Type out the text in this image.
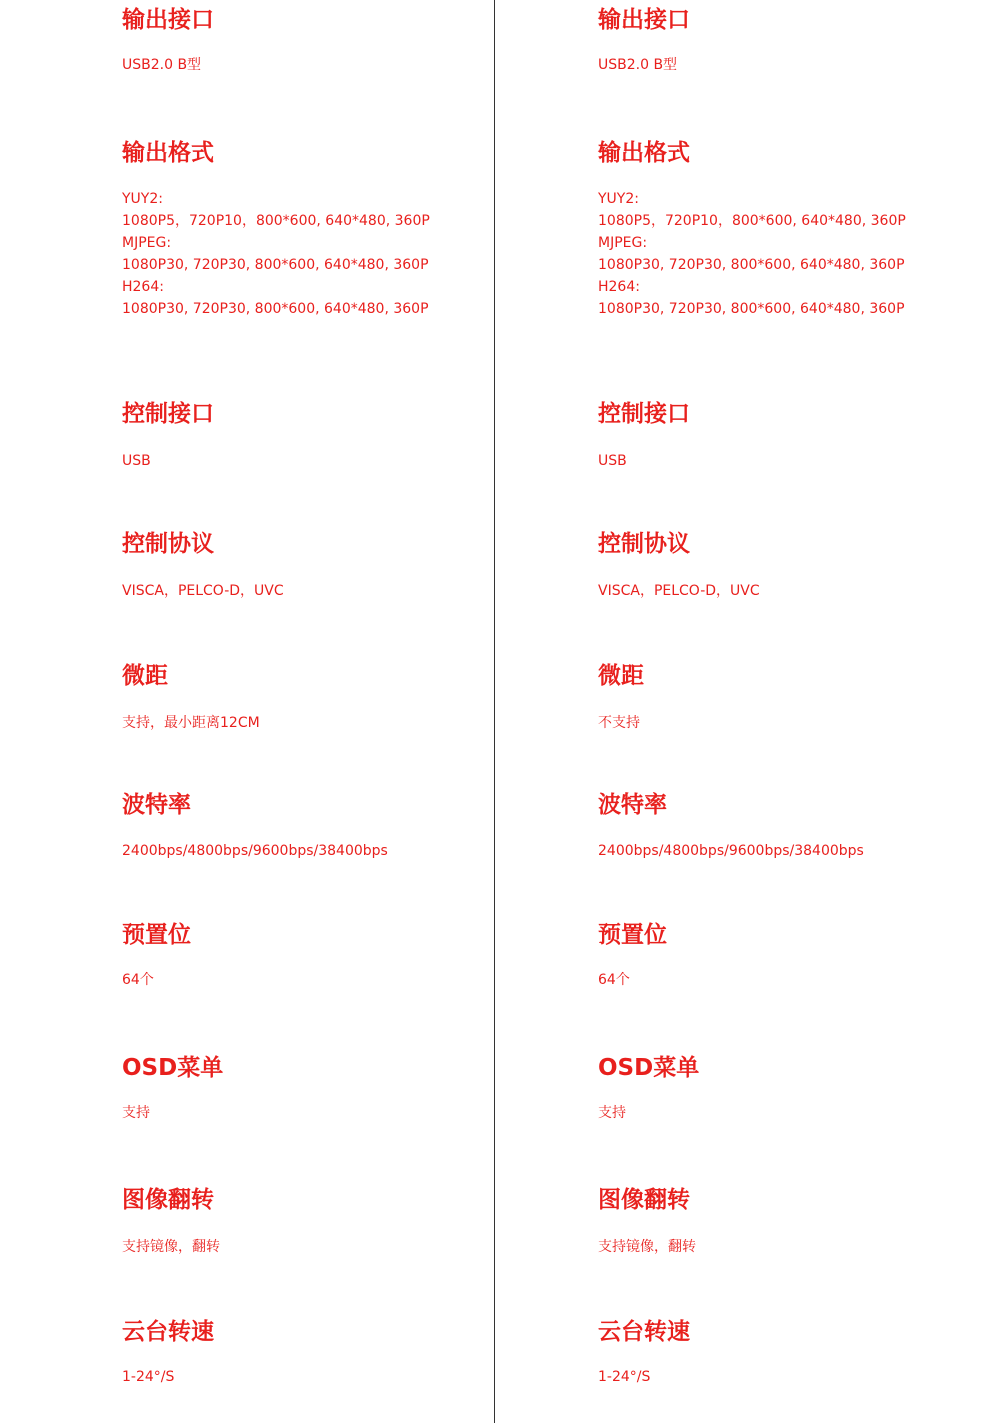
输出接口
USB2.0 B型
输出格式
YUY2:
1080P5，720P10，800*600, 640*480, 360P
MJPEG:
1080P30, 720P30, 800*600, 640*480, 360P
H264:
1080P30, 720P30, 800*600, 640*480, 360P
控制接口
USB
控制协议
VISCA，PELCO-D，UVC
微距
支持，最小距离12CM
波特率
2400bps/4800bps/9600bps/38400bps
预置位
64个
OSD菜单
支持
图像翻转
支持镜像，翻转
云台转速
1-24°/S
输出接口
USB2.0 B型
输出格式
YUY2:
1080P5，720P10，800*600, 640*480, 360P
MJPEG:
1080P30, 720P30, 800*600, 640*480, 360P
H264:
1080P30, 720P30, 800*600, 640*480, 360P
控制接口
USB
控制协议
VISCA，PELCO-D，UVC
微距
不支持
波特率
2400bps/4800bps/9600bps/38400bps
预置位
64个
OSD菜单
支持
图像翻转
支持镜像，翻转
云台转速
1-24°/S
